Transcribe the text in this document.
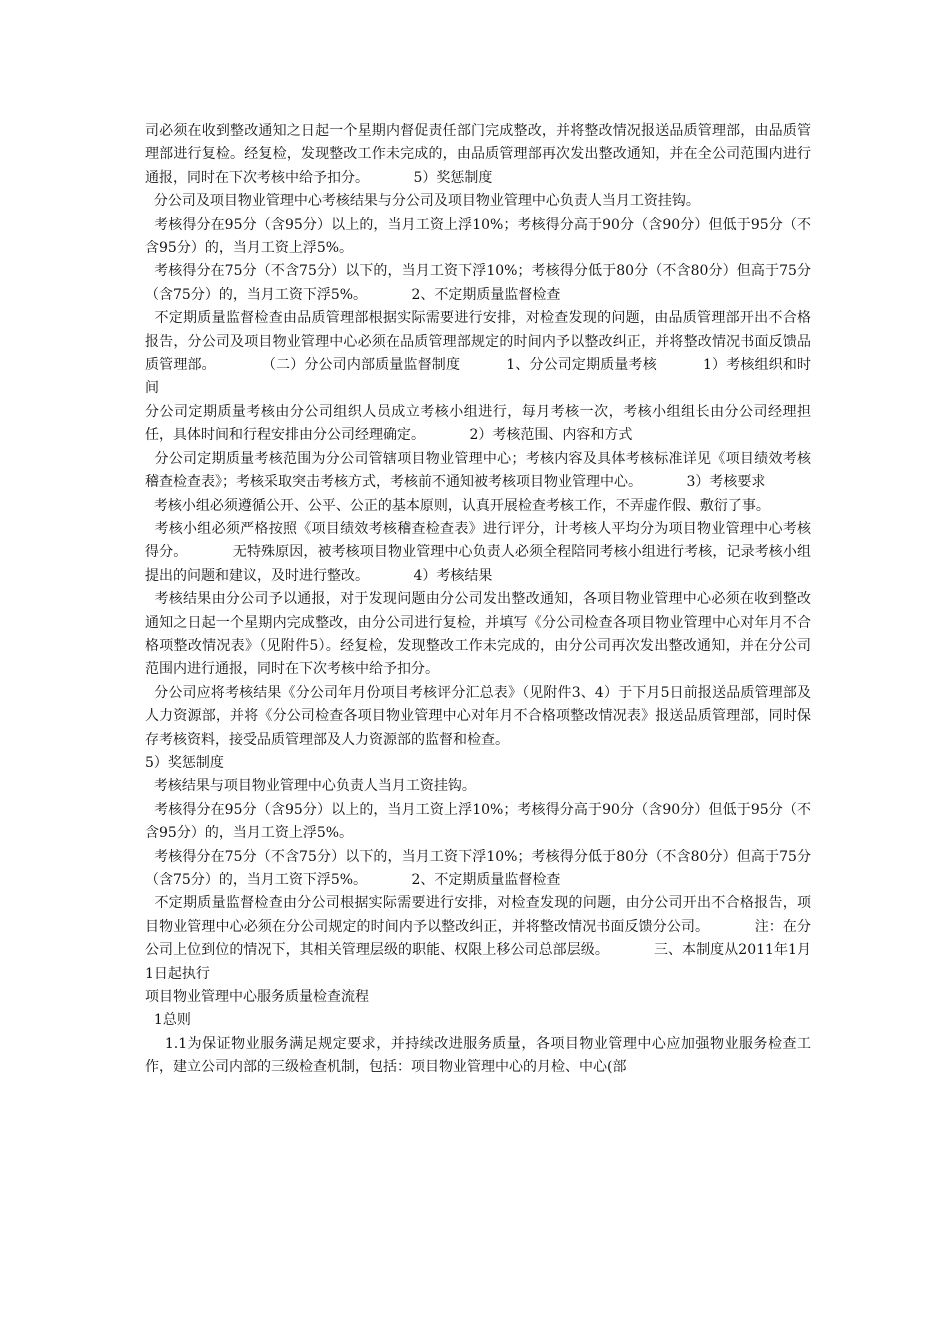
司必须在收到整改通知之日起一个星期内督促责任部门完成整改，并将整改情况报送品质管理部，由品质管理部进行复检。经复检，发现整改工作未完成的，由品质管理部再次发出整改通知，并在全公司范围内进行通报，同时在下次考核中给予扣分。          5）奖惩制度

分公司及项目物业管理中心考核结果与分公司及项目物业管理中心负责人当月工资挂钩。

考核得分在95分（含95分）以上的，当月工资上浮10%；考核得分高于90分（含90分）但低于95分（不含95分）的，当月工资上浮5%。

考核得分在75分（不含75分）以下的，当月工资下浮10%；考核得分低于80分（不含80分）但高于75分（含75分）的，当月工资下浮5%。          2、不定期质量监督检查

不定期质量监督检查由品质管理部根据实际需要进行安排，对检查发现的问题，由品质管理部开出不合格报告，分公司及项目物业管理中心必须在品质管理部规定的时间内予以整改纠正，并将整改情况书面反馈品质管理部。          （二）分公司内部质量监督制度          1、分公司定期质量考核          1）考核组织和时间

分公司定期质量考核由分公司组织人员成立考核小组进行，每月考核一次，考核小组组长由分公司经理担任，具体时间和行程安排由分公司经理确定。          2）考核范围、内容和方式

分公司定期质量考核范围为分公司管辖项目物业管理中心；考核内容及具体考核标准详见《项目绩效考核稽查检查表》；考核采取突击考核方式，考核前不通知被考核项目物业管理中心。          3）考核要求

考核小组必须遵循公开、公平、公正的基本原则，认真开展检查考核工作，不弄虚作假、敷衍了事。

考核小组必须严格按照《项目绩效考核稽查检查表》进行评分，计考核人平均分为项目物业管理中心考核得分。          无特殊原因，被考核项目物业管理中心负责人必须全程陪同考核小组进行考核，记录考核小组提出的问题和建议，及时进行整改。          4）考核结果

考核结果由分公司予以通报，对于发现问题由分公司发出整改通知，各项目物业管理中心必须在收到整改通知之日起一个星期内完成整改，由分公司进行复检，并填写《分公司检查各项目物业管理中心对年月不合格项整改情况表》（见附件5）。经复检，发现整改工作未完成的，由分公司再次发出整改通知，并在分公司范围内进行通报，同时在下次考核中给予扣分。

分公司应将考核结果《分公司年月份项目考核评分汇总表》（见附件3、4）于下月5日前报送品质管理部及人力资源部，并将《分公司检查各项目物业管理中心对年月不合格项整改情况表》报送品质管理部，同时保存考核资料，接受品质管理部及人力资源部的监督和检查。

5）奖惩制度

考核结果与项目物业管理中心负责人当月工资挂钩。

考核得分在95分（含95分）以上的，当月工资上浮10%；考核得分高于90分（含90分）但低于95分（不含95分）的，当月工资上浮5%。

考核得分在75分（不含75分）以下的，当月工资下浮10%；考核得分低于80分（不含80分）但高于75分（含75分）的，当月工资下浮5%。          2、不定期质量监督检查

不定期质量监督检查由分公司根据实际需要进行安排，对检查发现的问题，由分公司开出不合格报告，项目物业管理中心必须在分公司规定的时间内予以整改纠正，并将整改情况书面反馈分公司。          注：在分公司上位到位的情况下，其相关管理层级的职能、权限上移公司总部层级。          三、本制度从2011年1月1日起执行

项目物业管理中心服务质量检查流程

1总则

1.1为保证物业服务满足规定要求，并持续改进服务质量，各项目物业管理中心应加强物业服务检查工作，建立公司内部的三级检查机制，包括：项目物业管理中心的月检、中心(部
